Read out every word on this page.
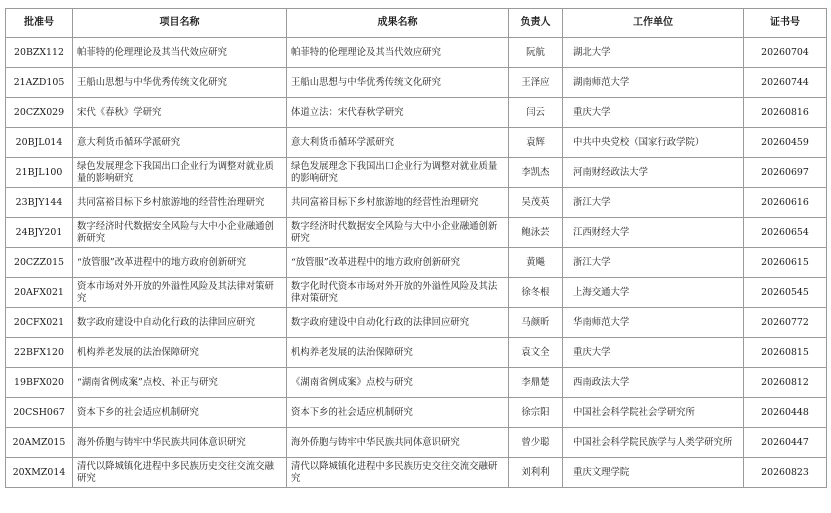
批准号	项目名称	成果名称	负责人	工作单位	证书号
20BZX112	帕菲特的伦理理论及其当代效应研究	帕菲特的伦理理论及其当代效应研究	阮航	湖北大学	20260704
21AZD105	王船山思想与中华优秀传统文化研究	王船山思想与中华优秀传统文化研究	王泽应	湖南师范大学	20260744
20CZX029	宋代《春秋》学研究	体道立法：宋代春秋学研究	闫云	重庆大学	20260816
20BJL014	意大利货币循环学派研究	意大利货币循环学派研究	袁辉	中共中央党校（国家行政学院）	20260459
21BJL100	绿色发展理念下我国出口企业行为调整对就业质量的影响研究	绿色发展理念下我国出口企业行为调整对就业质量的影响研究	李凯杰	河南财经政法大学	20260697
23BJY144	共同富裕目标下乡村旅游地的经营性治理研究	共同富裕目标下乡村旅游地的经营性治理研究	吴茂英	浙江大学	20260616
24BJY201	数字经济时代数据安全风险与大中小企业融通创新研究	数字经济时代数据安全风险与大中小企业融通创新研究	鲍泳芸	江西财经大学	20260654
20CZZ015	“放管服”改革进程中的地方政府创新研究	“放管服”改革进程中的地方政府创新研究	黄飚	浙江大学	20260615
20AFX021	资本市场对外开放的外溢性风险及其法律对策研究	数字化时代资本市场对外开放的外溢性风险及其法律对策研究	徐冬根	上海交通大学	20260545
20CFX021	数字政府建设中自动化行政的法律回应研究	数字政府建设中自动化行政的法律回应研究	马颜昕	华南师范大学	20260772
22BFX120	机构养老发展的法治保障研究	机构养老发展的法治保障研究	袁文全	重庆大学	20260815
19BFX020	“湖南省例成案”点校、补正与研究	《湖南省例成案》点校与研究	李鼎楚	西南政法大学	20260812
20CSH067	资本下乡的社会适应机制研究	资本下乡的社会适应机制研究	徐宗阳	中国社会科学院社会学研究所	20260448
20AMZ015	海外侨胞与铸牢中华民族共同体意识研究	海外侨胞与铸牢中华民族共同体意识研究	曾少聪	中国社会科学院民族学与人类学研究所	20260447
20XMZ014	清代以降城镇化进程中多民族历史交往交流交融研究	清代以降城镇化进程中多民族历史交往交流交融研究	刘利利	重庆文理学院	20260823
